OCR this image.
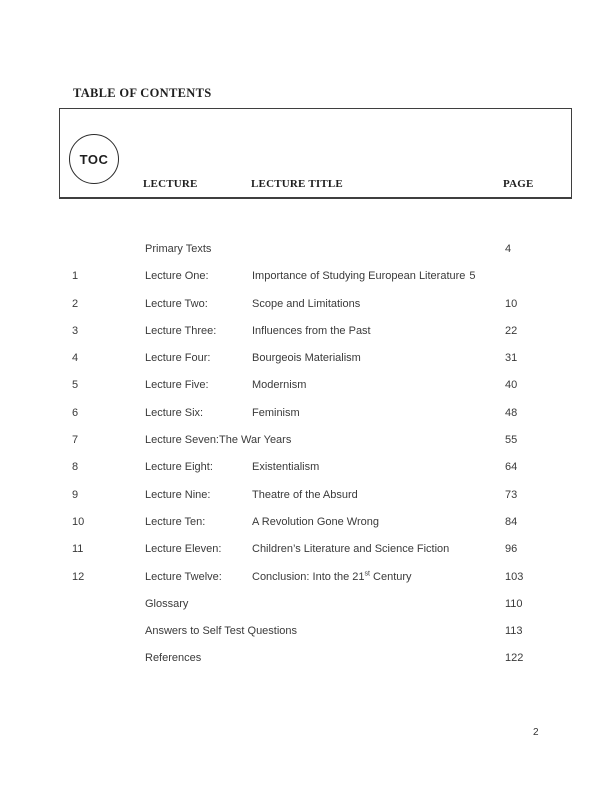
TABLE OF CONTENTS
TOC
LECTURE	LECTURE TITLE	PAGE
Primary Texts	4
1	Lecture One:	Importance of Studying European Literature 5
2	Lecture Two:	Scope and Limitations	10
3	Lecture Three:	Influences from the Past	22
4	Lecture Four:	Bourgeois Materialism	31
5	Lecture Five:	Modernism	40
6	Lecture Six:	Feminism	48
7	Lecture Seven:The War Years	55
8	Lecture Eight:	Existentialism	64
9	Lecture Nine:	Theatre of the Absurd	73
10	Lecture Ten:	A Revolution Gone Wrong	84
11	Lecture Eleven:	Children’s Literature and Science Fiction	96
12	Lecture Twelve:	Conclusion: Into the 21st Century	103
Glossary	110
Answers to Self Test Questions	113
References	122
2
